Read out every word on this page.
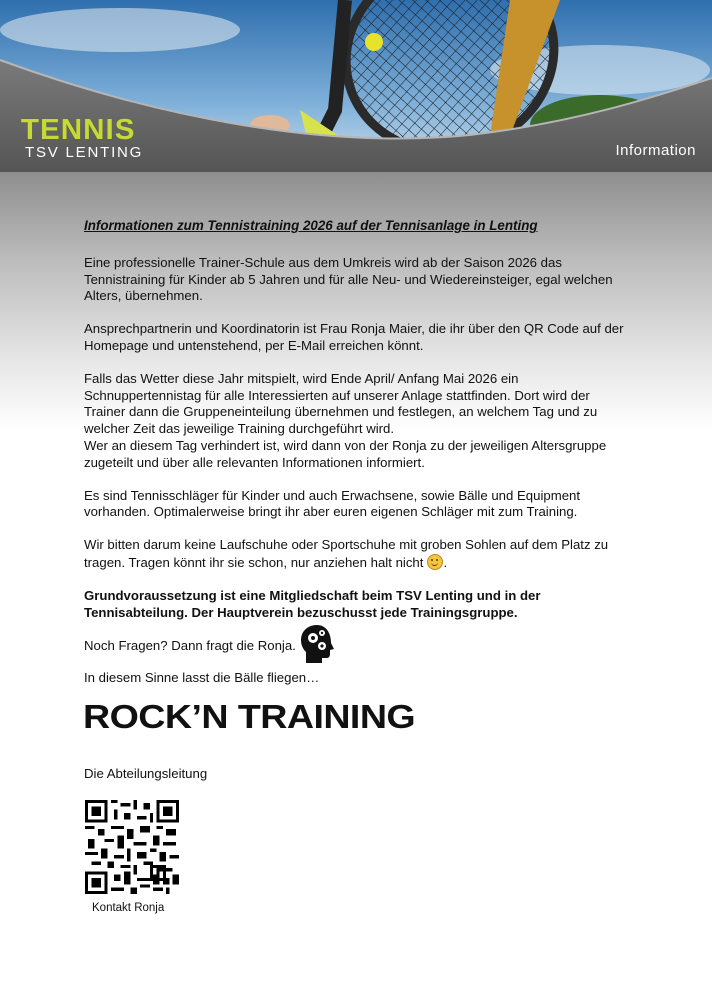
TENNIS
TSV LENTING	Information

Informationen zum Tennistraining 2026 auf der Tennisanlage in Lenting

Eine professionelle Trainer-Schule aus dem Umkreis wird ab der Saison 2026 das Tennistraining für Kinder ab 5 Jahren und für alle Neu- und Wiedereinsteiger, egal welchen Alters, übernehmen.

Ansprechpartnerin und Koordinatorin ist Frau Ronja Maier, die ihr über den QR Code auf der Homepage und untenstehend, per E-Mail erreichen könnt.

Falls das Wetter diese Jahr mitspielt, wird Ende April/ Anfang Mai 2026 ein Schnuppertennistag für alle Interessierten auf unserer Anlage stattfinden. Dort wird der Trainer dann die Gruppeneinteilung übernehmen und festlegen, an welchem Tag und zu welcher Zeit das jeweilige Training durchgeführt wird.

Wer an diesem Tag verhindert ist, wird dann von der Ronja zu der jeweiligen Altersgruppe zugeteilt und über alle relevanten Informationen informiert.

Es sind Tennisschläger für Kinder und auch Erwachsene, sowie Bälle und Equipment vorhanden. Optimalerweise bringt ihr aber euren eigenen Schläger mit zum Training.

Wir bitten darum keine Laufschuhe oder Sportschuhe mit groben Sohlen auf dem Platz zu tragen. Tragen könnt ihr sie schon, nur anziehen halt nicht .

Grundvoraussetzung ist eine Mitgliedschaft beim TSV Lenting und in der Tennisabteilung. Der Hauptverein bezuschusst jede Trainingsgruppe.

Noch Fragen? Dann fragt die Ronja.

In diesem Sinne lasst die Bälle fliegen…

ROCK’N TRAINING
Die Abteilungsleitung
Kontakt Ronja
